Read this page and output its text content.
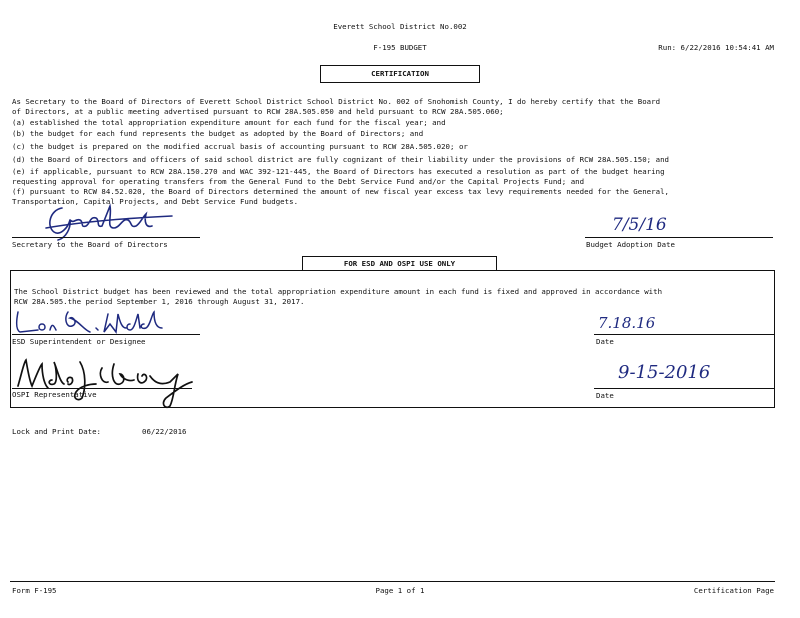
Everett School District No.002
F-195 BUDGET	Run: 6/22/2016 10:54:41 AM
CERTIFICATION
As Secretary to the Board of Directors of Everett School District School District No. 002 of Snohomish County, I do hereby certify that the Board
of Directors, at a public meeting advertised pursuant to RCW 28A.505.050 and held pursuant to RCW 28A.505.060;
(a) established the total appropriation expenditure amount for each fund for the fiscal year; and
(b) the budget for each fund represents the budget as adopted by the Board of Directors; and
(c) the budget is prepared on the modified accrual basis of accounting pursuant to RCW 28A.505.020; or
(d) the Board of Directors and officers of said school district are fully cognizant of their liability under the provisions of RCW 28A.505.150; and
(e) if applicable, pursuant to RCW 28A.150.270 and WAC 392-121-445, the Board of Directors has executed a resolution as part of the budget hearing
requesting approval for operating transfers from the General Fund to the Debt Service Fund and/or the Capital Projects Fund; and
(f) pursuant to RCW 84.52.020, the Board of Directors determined the amount of new fiscal year excess tax levy requirements needed for the General,
Transportation, Capital Projects, and Debt Service Fund budgets.
Secretary to the Board of Directors
7/5/16
Budget Adoption Date
FOR ESD AND OSPI USE ONLY
The School District budget has been reviewed and the total appropriation expenditure amount in each fund is fixed and approved in accordance with
RCW 28A.505.the period September 1, 2016 through August 31, 2017.
ESD Superintendent or Designee
7.18.16
Date
OSPI Representative
9-15-2016
Date
Lock and Print Date:	06/22/2016
Form F-195	Page 1 of 1	Certification Page
